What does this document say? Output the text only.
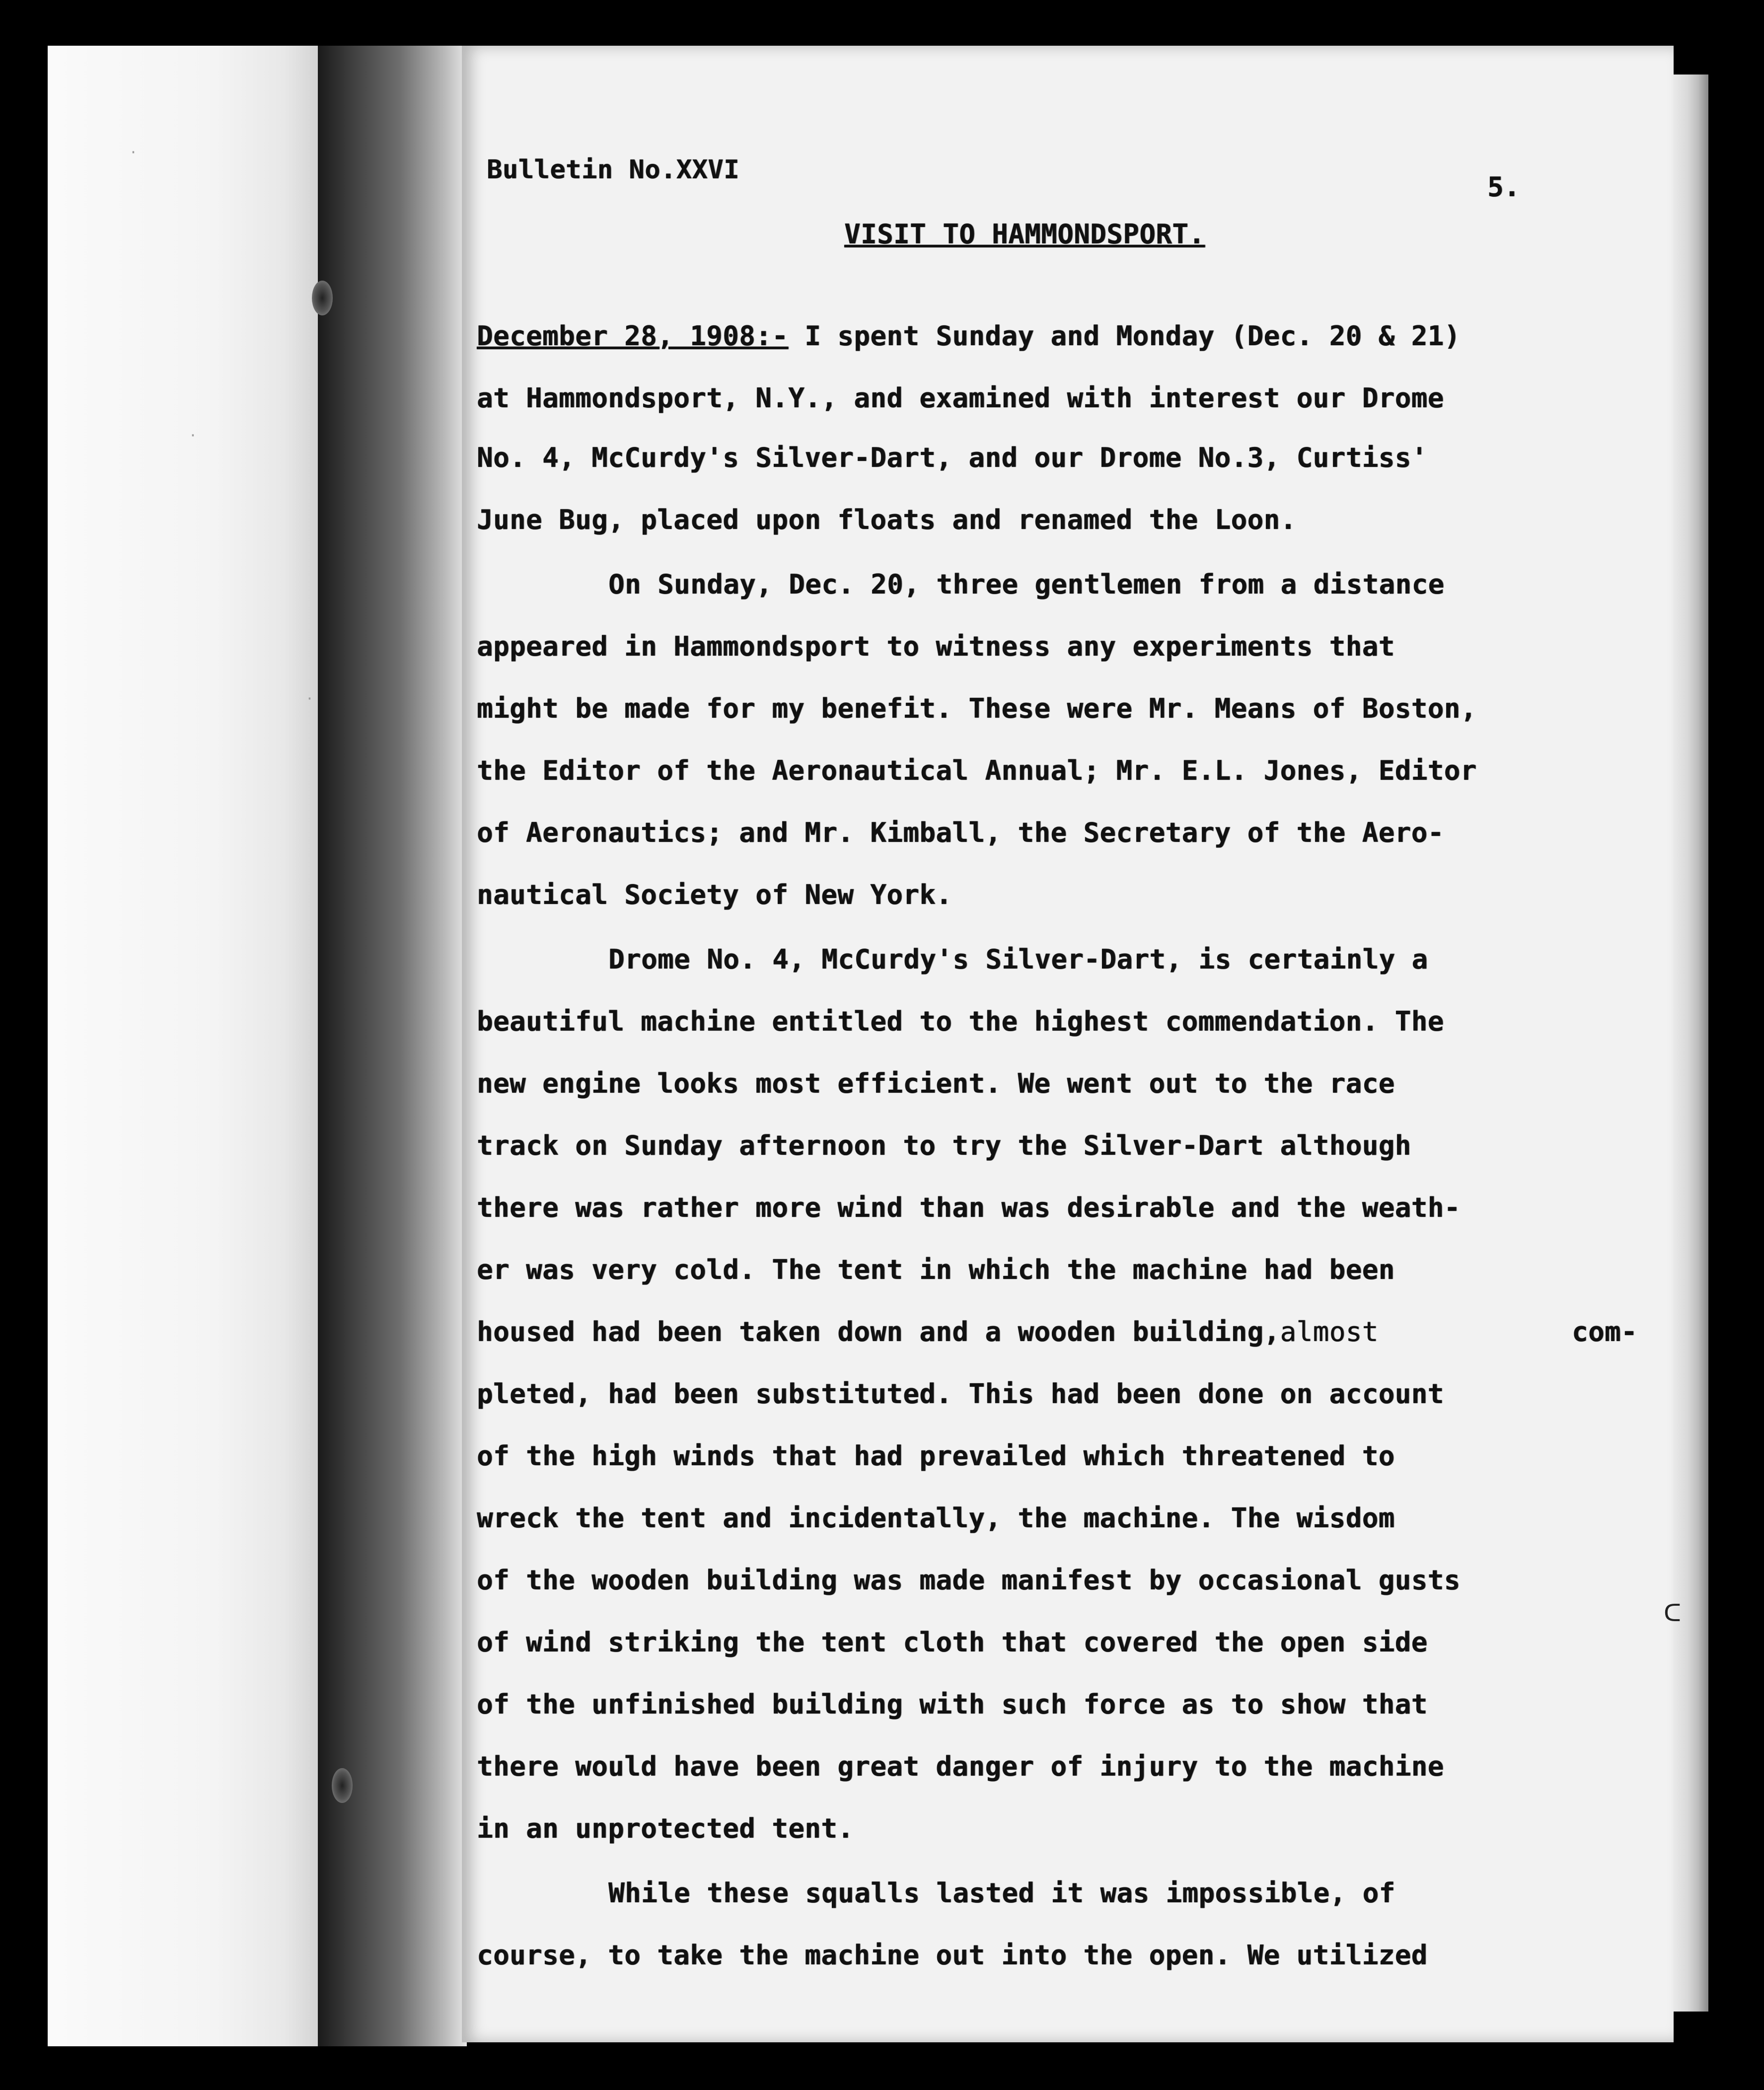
Bulletin No.XXVI
5.
VISIT TO HAMMONDSPORT.
December 28, 1908:- I spent Sunday and Monday (Dec. 20 & 21)
at Hammondsport, N.Y., and examined with interest our Drome
No. 4, McCurdy's Silver-Dart, and our Drome No.3, Curtiss'
June Bug, placed upon floats and renamed the Loon.
On Sunday, Dec. 20, three gentlemen from a distance
appeared in Hammondsport to witness any experiments that
might be made for my benefit. These were Mr. Means of Boston,
the Editor of the Aeronautical Annual; Mr. E.L. Jones, Editor
of Aeronautics; and Mr. Kimball, the Secretary of the Aero-
nautical Society of New York.
Drome No. 4, McCurdy's Silver-Dart, is certainly a
beautiful machine entitled to the highest commendation. The
new engine looks most efficient. We went out to the race
track on Sunday afternoon to try the Silver-Dart although
there was rather more wind than was desirable and the weath-
er was very cold. The tent in which the machine had been
housed had been taken down and a wooden building,almost	com-
pleted, had been substituted. This had been done on account
of the high winds that had prevailed which threatened to
wreck the tent and incidentally, the machine. The wisdom
of the wooden building was made manifest by occasional gusts
of wind striking the tent cloth that covered the open side
of the unfinished building with such force as to show that
there would have been great danger of injury to the machine
in an unprotected tent.
While these squalls lasted it was impossible, of
course, to take the machine out into the open. We utilized
ᑕ
·
·
·
